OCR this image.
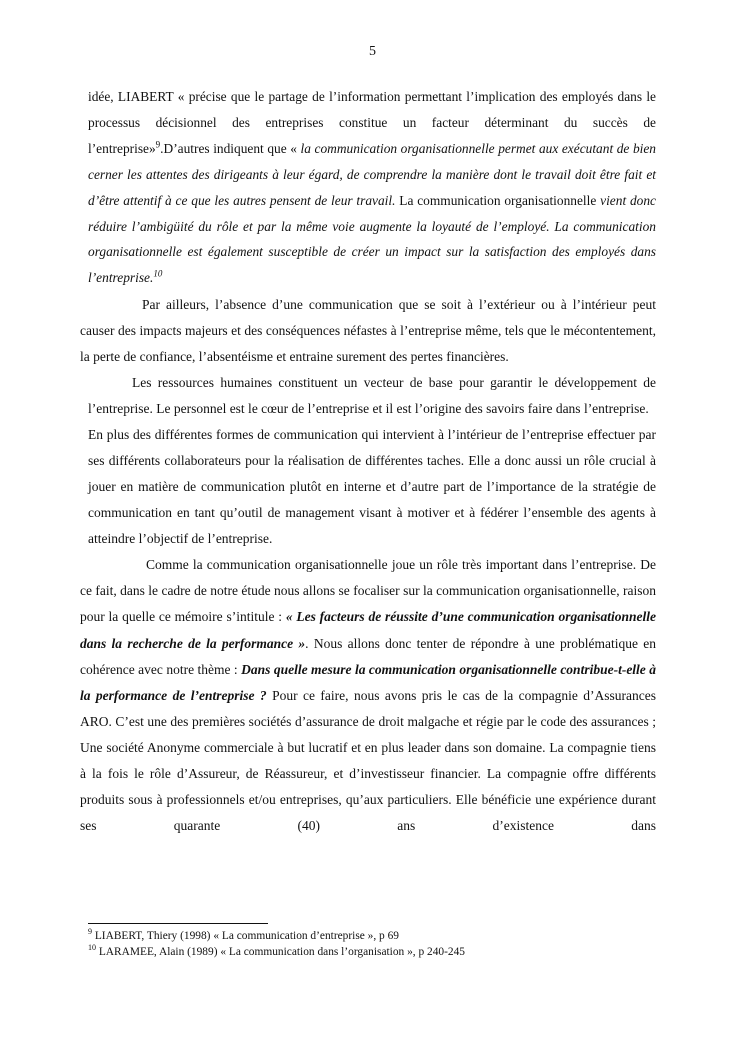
5

idée, LIABERT « précise que le partage de l’information permettant l’implication des employés dans le processus décisionnel des entreprises constitue un facteur déterminant du succès de l’entreprise»$^9$.D’autres indiquent que « la communication organisationnelle permet aux exécutant de bien cerner les attentes des dirigeants à leur égard, de comprendre la manière dont le travail doit être fait et d’être attentif à ce que les autres pensent de leur travail. La communication organisationnelle vient donc réduire l’ambigüité du rôle et par la même voie augmente la loyauté de l’employé. La communication organisationnelle est également susceptible de créer un impact sur la satisfaction des employés dans l’entreprise.$^{10}$

Par ailleurs, l’absence d’une communication que se soit à l’extérieur ou à l’intérieur peut causer des impacts majeurs et des conséquences néfastes à l’entreprise même, tels que le mécontentement, la perte de confiance, l’absentéisme et entraine surement des pertes financières.

Les ressources humaines constituent un vecteur de base pour garantir le développement de l’entreprise. Le personnel est le cœur de l’entreprise et il est l’origine des savoirs faire dans l’entreprise.

En plus des différentes formes de communication qui intervient à l’intérieur de l’entreprise effectuer par ses différents collaborateurs pour la réalisation de différentes taches. Elle a donc aussi un rôle crucial à jouer en matière de communication plutôt en interne et d’autre part de l’importance de la stratégie de communication en tant qu’outil de management visant à motiver et à fédérer l’ensemble des agents à atteindre l’objectif de l’entreprise.

Comme la communication organisationnelle joue un rôle très important dans l’entreprise. De ce fait, dans le cadre de notre étude nous allons se focaliser sur la communication organisationnelle, raison pour la quelle ce mémoire s’intitule : « Les facteurs de réussite d’une communication organisationnelle dans la recherche de la performance ». Nous allons donc tenter de répondre à une problématique en cohérence avec notre thème : Dans quelle mesure la communication organisationnelle contribue-t-elle à la performance de l’entreprise ? Pour ce faire, nous avons pris le cas de la compagnie d’Assurances ARO. C’est une des premières sociétés d’assurance de droit malgache et régie par le code des assurances ; Une société Anonyme commerciale à but lucratif et en plus leader dans son domaine. La compagnie tiens à la fois le rôle d’Assureur, de Réassureur, et d’investisseur financier. La compagnie offre différents produits sous à professionnels et/ou entreprises, qu’aux particuliers. Elle bénéficie une expérience durant ses quarante (40) ans d’existence dans

$^9$ LIABERT, Thiery (1998) « La communication d’entreprise », p 69
$^{10}$ LARAMEE, Alain (1989) « La communication dans l’organisation », p 240-245
